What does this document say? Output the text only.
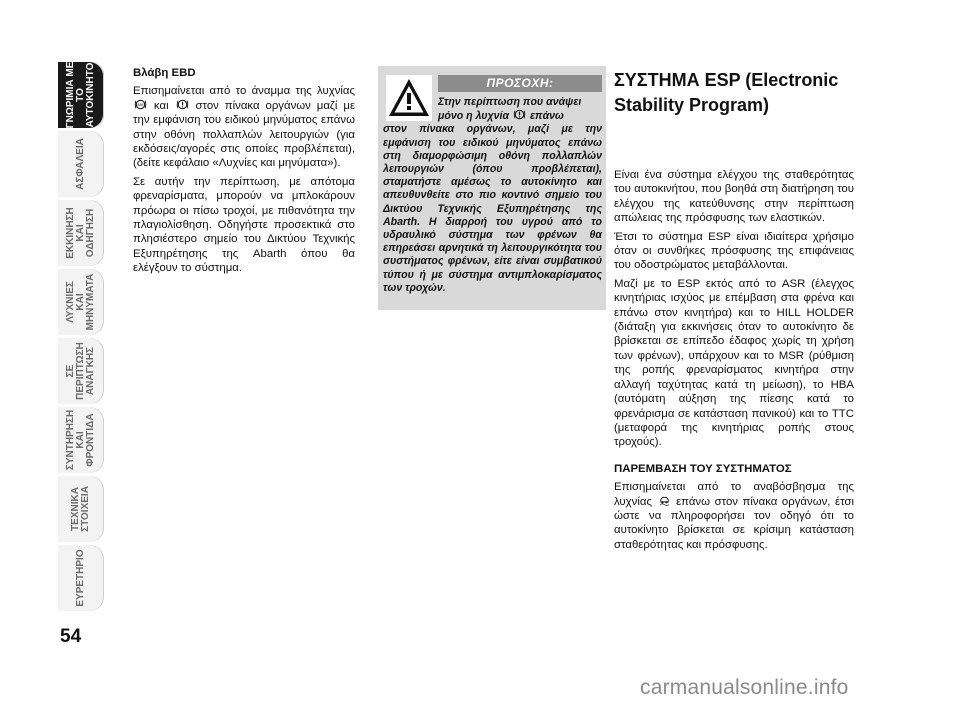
ΓΝΩΡΙΜΙΑ ΜΕ
ΤΟ
ΑΥΤΟΚΙΝΗΤΟ
ΑΣΦΑΛΕΙΑ
ΕΚΚΙΝΗΣΗ
ΚΑΙ
ΟΔΗΓΗΣΗ
ΛΥΧΝΙΕΣ
ΚΑΙ
ΜΗΝΥΜΑΤΑ
ΣΕ
ΠΕΡΙΠΤΩΣΗ
ΑΝΑΓΚΗΣ
ΣΥΝΤΗΡΗΣΗ
ΚΑΙ
ΦΡΟΝΤΙΔΑ
ΤΕΧΝΙΚΑ
ΣΤΟΙΧΕΙΑ
ΕΥΡΕΤΗΡΙΟ
54

Βλάβη EBD

Επισημαίνεται από το άναμμα της λυχνίας
ABS και στον πίνακα οργάνων μαζί με την εμφάνιση του ειδικού μηνύματος επάνω στην οθόνη πολλαπλών λειτουργιών (για εκδόσεις/αγορές στις οποίες προβλέπεται), (δείτε κεφάλαιο «Λυχνίες και μηνύματα»).

Σε αυτήν την περίπτωση, με απότομα φρεναρίσματα, μπορούν να μπλοκάρουν πρόωρα οι πίσω τροχοί, με πιθανότητα την πλαγιολίσθηση. Οδηγήστε προσεκτικά στο πλησιέστερο σημείο του Δικτύου Τεχνικής Εξυπηρέτησης της Abarth όπου θα ελέγξουν το σύστημα.

ΠΡΟΣΟΧΗ:
Στην περίπτωση που ανάψει
μόνο η λυχνία επάνω
στον πίνακα οργάνων, μαζί με την εμφάνιση του ειδικού μηνύματος επάνω στη διαμορφώσιμη οθόνη πολλαπλών λειτουργιών (όπου προβλέπεται), σταματήστε αμέσως το αυτοκίνητο και απευθυνθείτε στο πιο κοντινό σημείο του Δικτύου Τεχνικής Εξυπηρέτησης της Abarth. Η διαρροή του υγρού από το υδραυλικό σύστημα των φρένων θα επηρεάσει αρνητικά τη λειτουργικότητα του συστήματος φρένων, είτε είναι συμβατικού τύπου ή με σύστημα αντιμπλοκαρίσματος των τροχών.
ΣΥΣΤΗΜΑ ESP (Electronic Stability Program)

Είναι ένα σύστημα ελέγχου της σταθερότητας του αυτοκινήτου, που βοηθά στη διατήρηση του ελέγχου της κατεύθυνσης στην περίπτωση απώλειας της πρόσφυσης των ελαστικών.

Έτσι το σύστημα ESP είναι ιδιαίτερα χρήσιμο όταν οι συνθήκες πρόσφυσης της επιφάνειας του οδοστρώματος μεταβάλλονται.

Μαζί με το ESP εκτός από το ASR (έλεγχος κινητήριας ισχύος με επέμβαση στα φρένα και επάνω στον κινητήρα) και το HILL HOLDER (διάταξη για εκκινήσεις όταν το αυτοκίνητο δε βρίσκεται σε επίπεδο έδαφος χωρίς τη χρήση των φρένων), υπάρχουν και το MSR (ρύθμιση της ροπής φρεναρίσματος κινητήρα στην αλλαγή ταχύτητας κατά τη μείωση), το HBA (αυτόματη αύξηση της πίεσης κατά το φρενάρισμα σε κατάσταση πανικού) και το TTC (μεταφορά της κινητήριας ροπής στους τροχούς).

ΠΑΡΕΜΒΑΣΗ ΤΟΥ ΣΥΣΤΗΜΑΤΟΣ

Επισημαίνεται από το αναβόσβησμα της λυχνίας επάνω στον πίνακα οργάνων, έτσι ώστε να πληροφορήσει τον οδηγό ότι το αυτοκίνητο βρίσκεται σε κρίσιμη κατάσταση σταθερότητας και πρόσφυσης.

carmanualsonline.info
